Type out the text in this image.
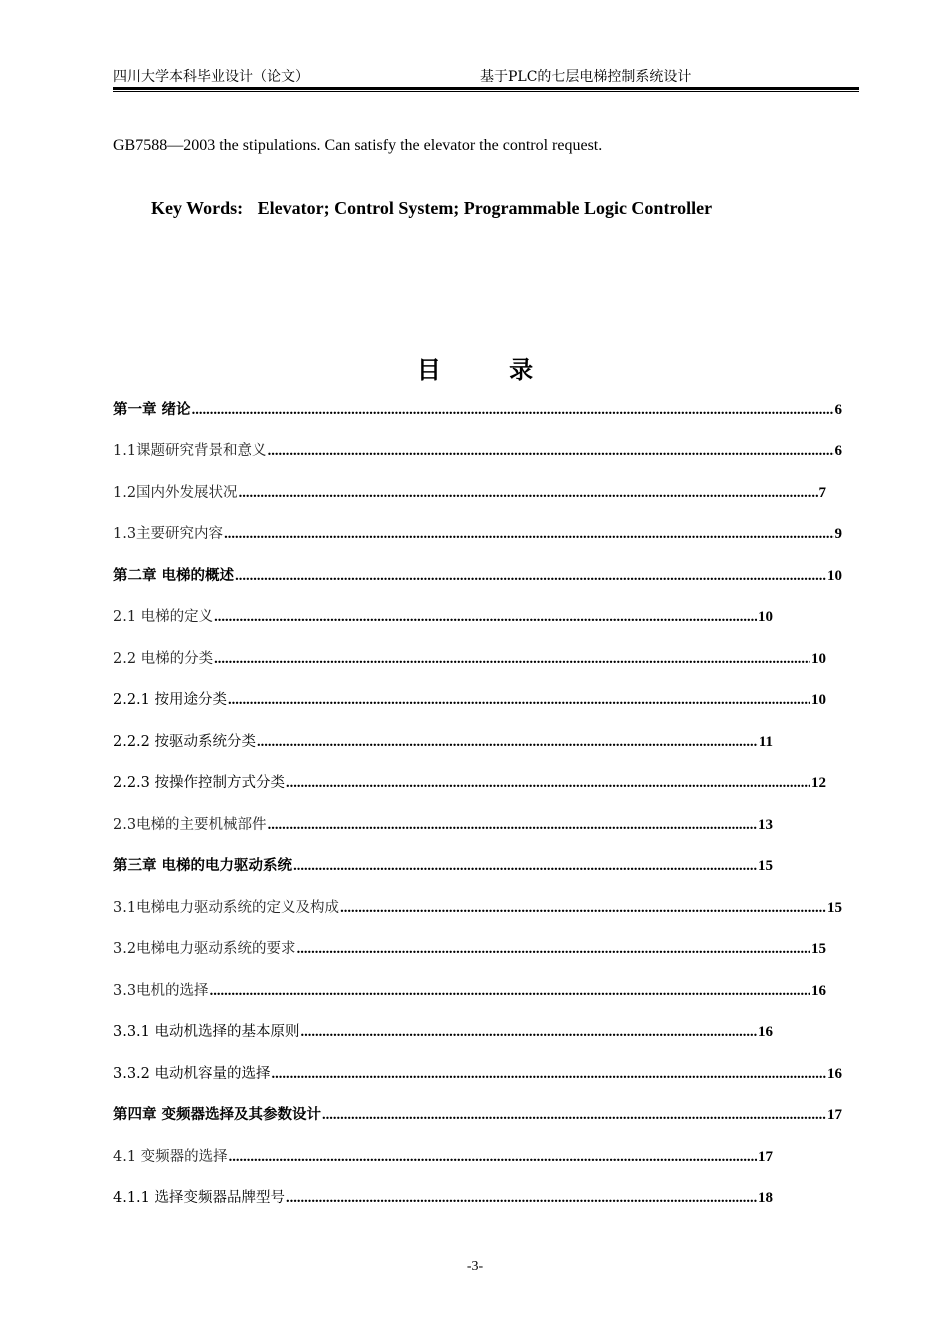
四川大学本科毕业设计（论文）	基于PLC的七层电梯控制系统设计
GB7588—2003 the stipulations. Can satisfy the elevator the control request.
Key Words: Elevator; Control System; Programmable Logic Controller
目 录
第一章 绪论 .....	6
1.1课题研究背景和意义 .....	6
1.2国内外发展状况 .....	7
1.3主要研究内容 .....	9
第二章 电梯的概述 .....	10
2.1 电梯的定义 .....	10
2.2 电梯的分类 .....	10
2.2.1 按用途分类 .....	10
2.2.2 按驱动系统分类 .....	11
2.2.3 按操作控制方式分类 .....	12
2.3电梯的主要机械部件 .....	13
第三章 电梯的电力驱动系统 .....	15
3.1电梯电力驱动系统的定义及构成 .....	15
3.2电梯电力驱动系统的要求 .....	15
3.3电机的选择 .....	16
3.3.1 电动机选择的基本原则 .....	16
3.3.2 电动机容量的选择 .....	16
第四章 变频器选择及其参数设计 .....	17
4.1 变频器的选择 .....	17
4.1.1 选择变频器品牌型号 .....	18
-3-
